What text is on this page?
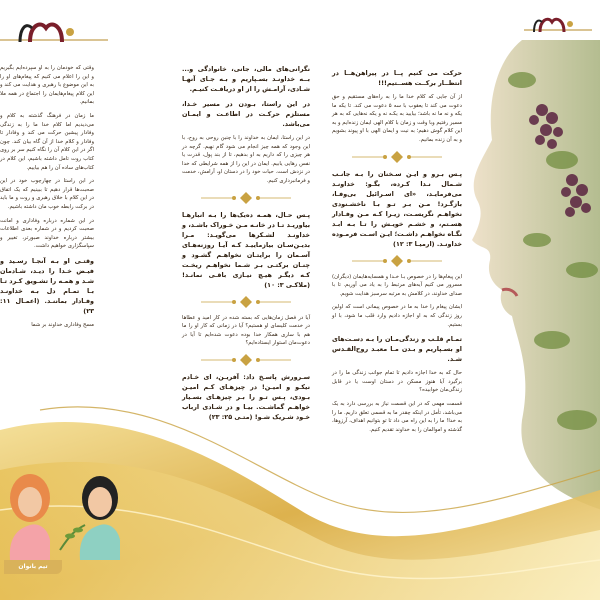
تیم بانوان
حرکت می کنیم پــا در پیراهن‌هــا در انتظــار برکــت هســتیم!!!
از آن جایی که کلام خدا ما را به راه‌های مستقیم و حق دعوت می کند تا یعقوب با سه ۵ دعوت می کند. تا یکه ما یکه و نه ما نه باشد؛ بیایید به یکـه نه و یکه نه‌هایی که به هر مسیر رفتیم وبا وقت و زمان با کلام الهی ایمان زنده‌ایم و به این کلام گوش دهیم؛ به نیت و ایمان الهی با او پیوند بشویم و به آن زنده بمانیم.
پـس بـرو و ایـن سـخنان را بـه جانـب شـمال نـدا کـرده، بگـو: خداونـد می‌فرمایـد، «ای اسـرائیل بی‌وفـا، بازگـرد! مـن بـر تـو بـا ناخشـنودی نخواهـم نگریسـت، زیـرا کـه مـن وفـادار هسـتم، و خشـم خویـش را تـا بـه ابـد نگـاه نخواهـم داشـت؛ ایـن اسـت فرمـوده خداونـد. (ارمیـا ۳: ۱۲)
این پیغام‌ها را در خصوص بـا خـدا و همسایه‌هایمان (دیگران) مسرور می کنیم آیه‌های مرتبط را به یاد می آوریم. تا با صدای خداوند، در کلامش به مرتبه سرسبز هدایت شویم.
ایشان پیغام را خدا به ما در خصوص پیمانی است که اولین روز زندگی که به او اجازه دادیم وارد قلب ما شود، با او بستیم.
تمـام قلـب و زندگی‌مـان را بـه دسـت‌های او بسـپاریم و بـدن مـا معبـد روح‌القـدس شـد.
حال که به خدا اجازه دادیم تا تمام جوانب زندگی ما را در برگیرد آیا هنوز مسکن در دستان اوست یا در قابل زندگی‌مان خوابیده؟
قسمت مهمی که در این قسمت نیاز به بررسی دارد به یک می‌باشد، تأمل در اینکه چقدر ما به قسمی تعلق داریم. ما را به خدا! ما را به این راه می داد تا تو بتوانیم اهداف، آرزوها، گذشته و اموالمان را به خداوند تقدیم کنیم.
نگرانی‌های مالی، جانی، خانوادگی و... بــه خداونـد بسـپاریم و بـه جـای آنهـا شـادی، آرامـش را از او دریافـت کنیـم.
در این راستا، بـودن در مسیر خـدا، مستلزم حرکـت در اطاعـت و ایمـان می‌باشد.
در این راستا، ایمان به خداوند را با چنین روحی به روح، با این وجود که همه چیز انجام می شود گام نهیم. گرچه در هر چیزی را که داریم به او بدهیم، تا از بند پول، قدرت یا نفس رهایی یابیم. ایمان در این را از همه شرایطی که خدا در نزدش است. حیات خود را در دستان او، آرامش، خدمت و فرمانبرداری کنیم.
پـس حـال، همـه ده‌یک‌ها را بـه انبارهـا بیاوریـد تـا در خانـه مـن خـوراک باشـد، و خداونـد لشـکرها می‌گویـد: مـرا بدیـن‌سـان بیازماییـد کـه آیـا روزنه‌هـای آسـمان را برایتـان نخواهـم گشـود و چنـان برکتـی بـر شـما نخواهـم ریخـت کـه دیگـر هیـچ نیـازی باقـی نمانـد! (ملاکـی ۳: ۱۰)
آیا در فصل زمان‌هایی که بسته شده در کار امید و عطاها در خدمت کلیسای او هستیم؟ آیا در زمانی که کار او را ما هم با ساری همکار خدا بوده دعوت شده‌ایم تا آیا در دعوت‌مان استوار ایستاده‌ایم؟
سـرورش پاسـخ داد: آفریـن، ای خـادم نیکـو و امیـن! در چیزهـای کـم امیـن بـودی، پـس تـو را بـر چیزهـای بسـیار خواهـم گماشـت. بیـا و در شـادی ارباب خـود شـریک شـو! (متـی ۲۵: ۲۳)
وقتی که خودمان را به او سپرده‌ایم بگیریم و این را اعلام می کنیم که پیغام‌های او را به این موضوع با رهبری و هدایت می کند و این کلام پیغام‌هایمان را اجتماع در همه ملا بمانیم.
ما زمان در فرهنگ گذشته به کلام و می‌دیدیم اما کلام خدا ما را به زندگی وفادار پیشین حرکت می کند و وفادار تا وفادار و کلام خدا از آن گاه بیان کند. چون اگر در این کلام آن را نگاه کنیم سر بر روی کتاب روت تامل داشته باشیم، این کلام در کتاب‌های ساده آن را هم بیاییم.
در این راستا در چهارچوب خود در این صحبت‌ها قرار دهیم تا ببینیم که یک اتفاق در این کلام با خلاق رهبری و روت و ما باید در برکت رابطه خوب مان داشته باشیم.
در این شماره درباره وفاداری و امانت صحبت کردیم و در شماره بعدی اطلاعات بیشتر درباره خداوند صبورتر، تغییر و سپاسگزاری خواهیم داشت.
وقتـی او بـه آنجـا رسـید و فیـض خـدا را دیـد، شـادمان شـد و همـه را تشـویق کـرد تـا بـا تمـام دل بـه خداونـد وفـادار بماننـد. (اعمـال ۱۱: ۲۳)
مسح وفاداری خداوند بر شما
